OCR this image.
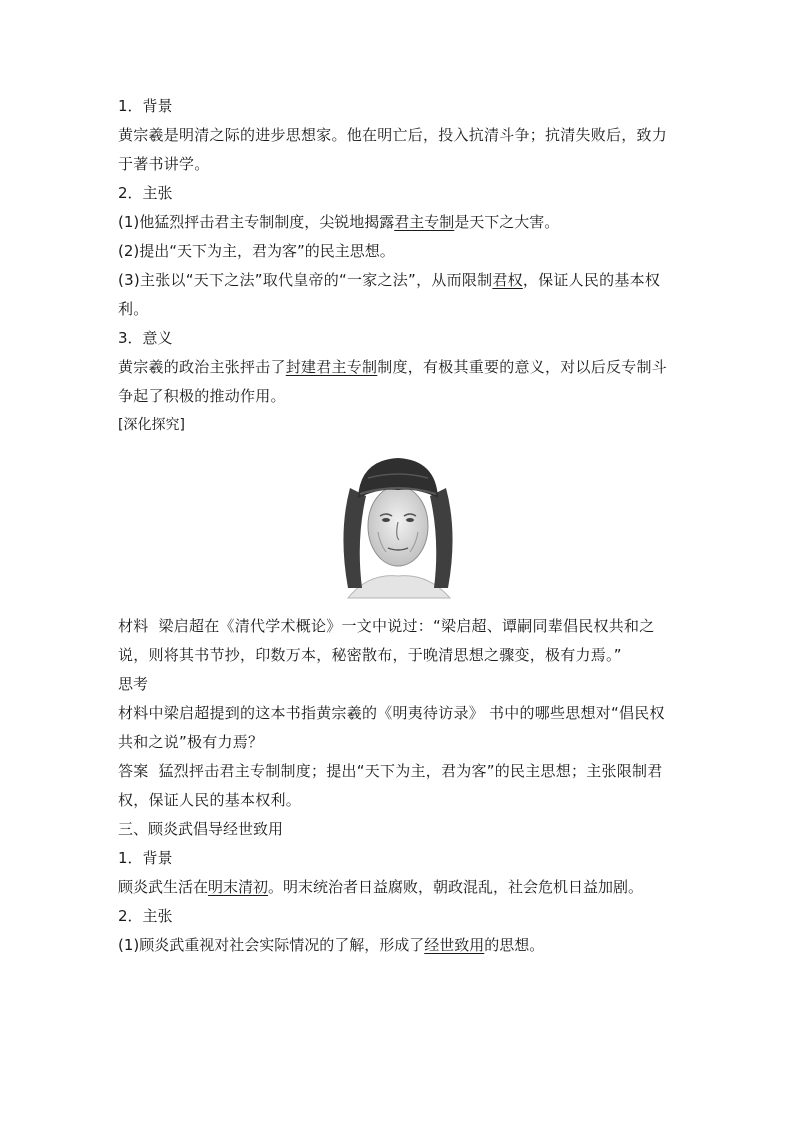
1．背景
黄宗羲是明清之际的进步思想家。他在明亡后，投入抗清斗争；抗清失败后，致力于著书讲学。
2．主张
(1)他猛烈抨击君主专制制度，尖锐地揭露君主专制是天下之大害。
(2)提出“天下为主，君为客”的民主思想。
(3)主张以“天下之法”取代皇帝的“一家之法”，从而限制君权，保证人民的基本权利。
3．意义
黄宗羲的政治主张抨击了封建君主专制制度，有极其重要的意义，对以后反专制斗争起了积极的推动作用。
[深化探究]
材料 梁启超在《清代学术概论》一文中说过：“梁启超、谭嗣同辈倡民权共和之说，则将其书节抄，印数万本，秘密散布，于晚清思想之骤变，极有力焉。”
思考
材料中梁启超提到的这本书指黄宗羲的《明夷待访录》 书中的哪些思想对“倡民权共和之说”极有力焉？
答案 猛烈抨击君主专制制度；提出“天下为主，君为客”的民主思想；主张限制君权，保证人民的基本权利。
三、顾炎武倡导经世致用
1．背景
顾炎武生活在明末清初。明末统治者日益腐败，朝政混乱，社会危机日益加剧。
2．主张
(1)顾炎武重视对社会实际情况的了解，形成了经世致用的思想。
